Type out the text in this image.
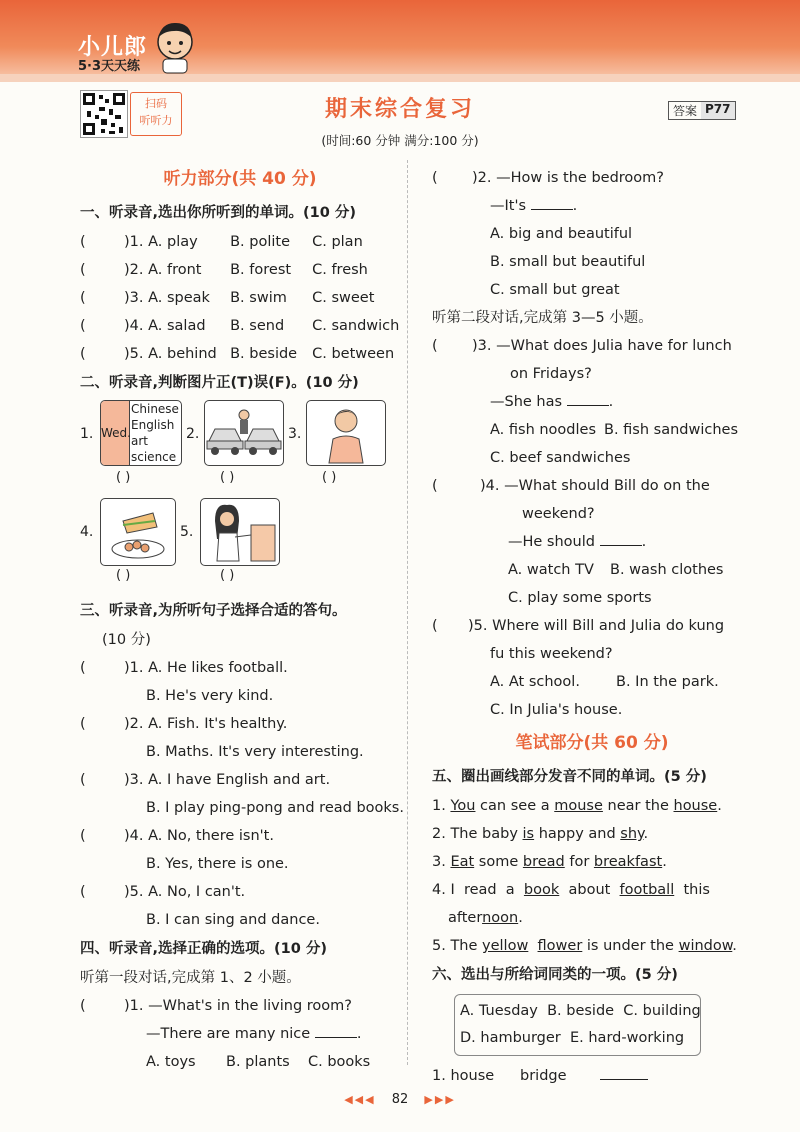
小儿郎
5·3天天练
扫码
听听力	期末综合复习	答案 P77
(时间:60 分钟 满分:100 分)
听力部分(共 40 分)
一、听录音,选出你所听到的单词。(10 分)
(	)1. A. play B. polite C. plan
(	)2. A. front B. forest C. fresh
(	)3. A. speak B. swim C. sweet
(	)4. A. salad B. send C. sandwich
(	)5. A. behind B. beside C. between
二、听录音,判断图片正(T)误(F)。(10 分)
1. Wed.
Chinese
English
art
science
( )
2.
( )
3.
( )
4.
( )
5.
( )
三、听录音,为所听句子选择合适的答句。
(10 分)
(	)1. A. He likes football.
B. He's very kind.
(	)2. A. Fish. It's healthy.
B. Maths. It's very interesting.
(	)3. A. I have English and art.
B. I play ping-pong and read books.
(	)4. A. No, there isn't.
B. Yes, there is one.
(	)5. A. No, I can't.
B. I can sing and dance.
四、听录音,选择正确的选项。(10 分)
听第一段对话,完成第 1、2 小题。
(	)1. —What's in the living room?
—There are many nice	.
A. toys B. plants C. books
( )2. —How is the bedroom?
—It's	.
A. big and beautiful
B. small but beautiful
C. small but great
听第二段对话,完成第 3—5 小题。
( )3. —What does Julia have for lunch
on Fridays?
—She has	.
A. fish noodles B. fish sandwiches
C. beef sandwiches
(	)4. —What should Bill do on the
weekend?
—He should	.
A. watch TV B. wash clothes
C. play some sports
( )5. Where will Bill and Julia do kung
fu this weekend?
A. At school. B. In the park.
C. In Julia's house.
笔试部分(共 60 分)
五、圈出画线部分发音不同的单词。(5 分)
1. You can see a mouse near the house.
2. The baby is happy and shy.
3. Eat some bread for breakfast.
4. I  read  a  book  about  football  this
afternoon.
5. The yellow flower is under the window.
六、选出与所给词同类的一项。(5 分)
A. Tuesday  B. beside  C. building
D. hamburger  E. hard-working
1. house bridge
◀◀◀ 82 ▶▶▶
